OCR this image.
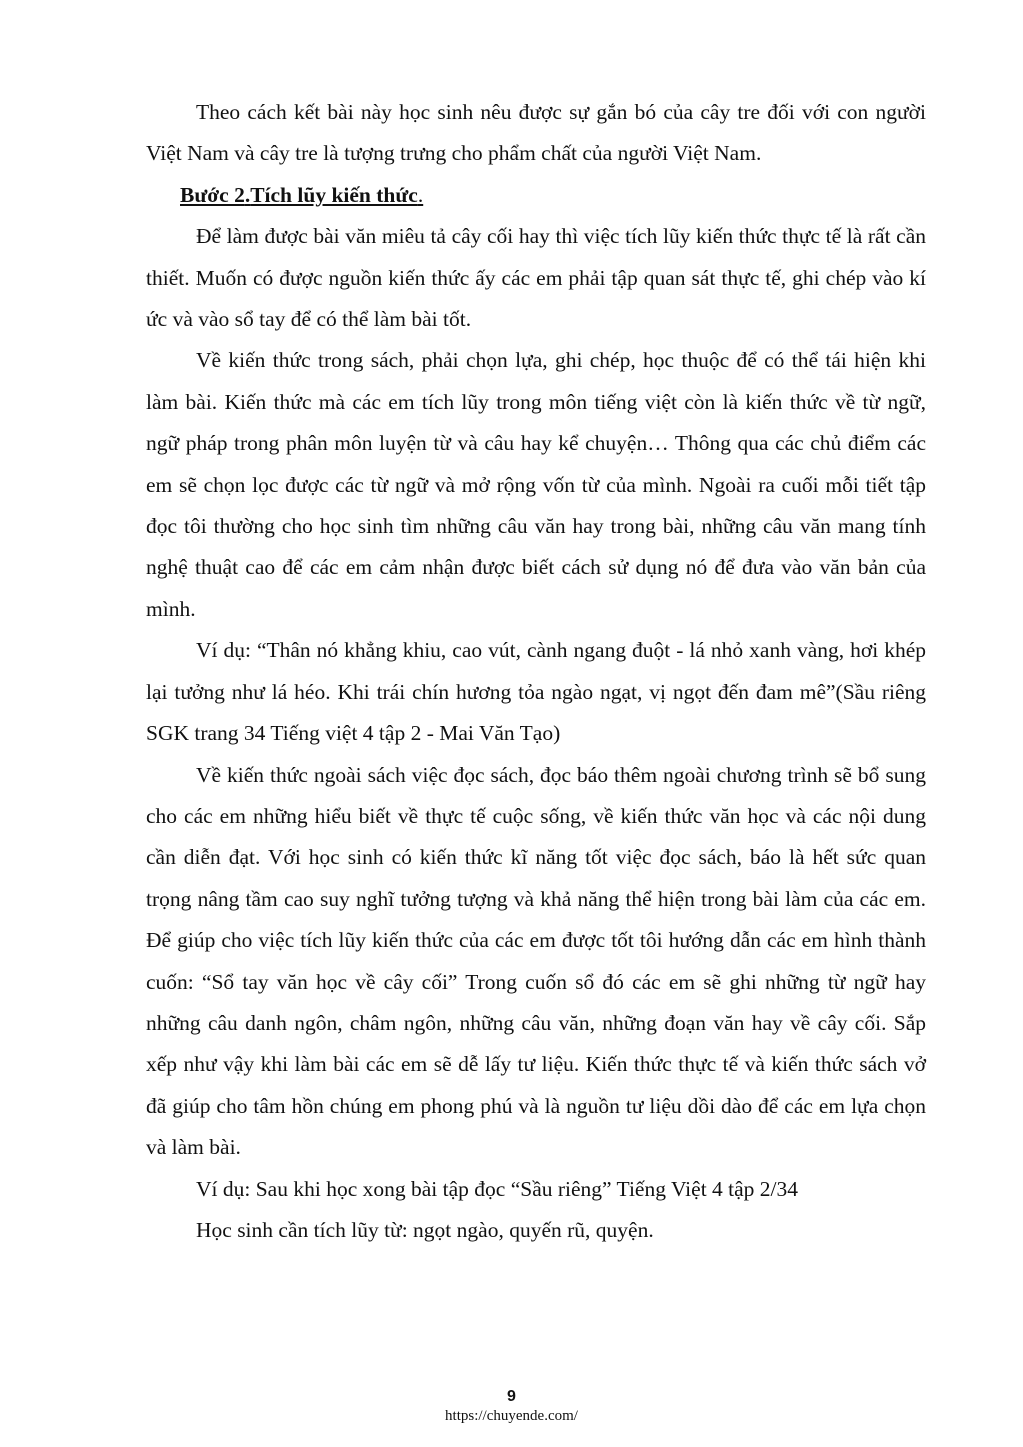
Theo cách kết bài này học sinh nêu được sự gắn bó của cây tre đối với con người Việt Nam và cây tre là tượng trưng cho phẩm chất của người Việt Nam.

Bước 2.Tích lũy kiến thức.

Để làm được bài văn miêu tả cây cối hay thì việc tích lũy kiến thức thực tế là rất cần thiết. Muốn có được nguồn kiến thức ấy các em phải tập quan sát thực tế, ghi chép vào kí ức và vào sổ tay để có thể làm bài tốt.

Về kiến thức trong sách, phải chọn lựa, ghi chép, học thuộc để có thể tái hiện khi làm bài. Kiến thức mà các em tích lũy trong môn tiếng việt còn là kiến thức về từ ngữ, ngữ pháp trong phân môn luyện từ và câu hay kể chuyện… Thông qua các chủ điểm các em sẽ chọn lọc được các từ ngữ và mở rộng vốn từ của mình. Ngoài ra cuối mỗi tiết tập đọc tôi thường cho học sinh tìm những câu văn hay trong bài, những câu văn mang tính nghệ thuật cao để các em cảm nhận được biết cách sử dụng nó để đưa vào văn bản của mình.

Ví dụ: “Thân nó khẳng khiu, cao vút, cành ngang đuột - lá nhỏ xanh vàng, hơi khép lại tưởng như lá héo. Khi trái chín hương tỏa ngào ngạt, vị ngọt đến đam mê”(Sầu riêng SGK trang 34 Tiếng việt 4 tập 2 - Mai Văn Tạo)

Về kiến thức ngoài sách việc đọc sách, đọc báo thêm ngoài chương trình sẽ bổ sung cho các em những hiểu biết về thực tế cuộc sống, về kiến thức văn học và các nội dung cần diễn đạt. Với học sinh có kiến thức kĩ năng tốt việc đọc sách, báo là hết sức quan trọng nâng tầm cao suy nghĩ tưởng tượng và khả năng thể hiện trong bài làm của các em. Để giúp cho việc tích lũy kiến thức của các em được tốt tôi hướng dẫn các em hình thành cuốn: “Sổ tay văn học về cây cối” Trong cuốn sổ đó các em sẽ ghi những từ ngữ hay những câu danh ngôn, châm ngôn, những câu văn, những đoạn văn hay về cây cối. Sắp xếp như vậy khi làm bài các em sẽ dễ lấy tư liệu. Kiến thức thực tế và kiến thức sách vở đã giúp cho tâm hồn chúng em phong phú và là nguồn tư liệu dồi dào để các em lựa chọn và làm bài.

Ví dụ: Sau khi học xong bài tập đọc “Sầu riêng” Tiếng Việt 4 tập 2/34

Học sinh cần tích lũy từ: ngọt ngào, quyến rũ, quyện.

9
https://chuyende.com/
